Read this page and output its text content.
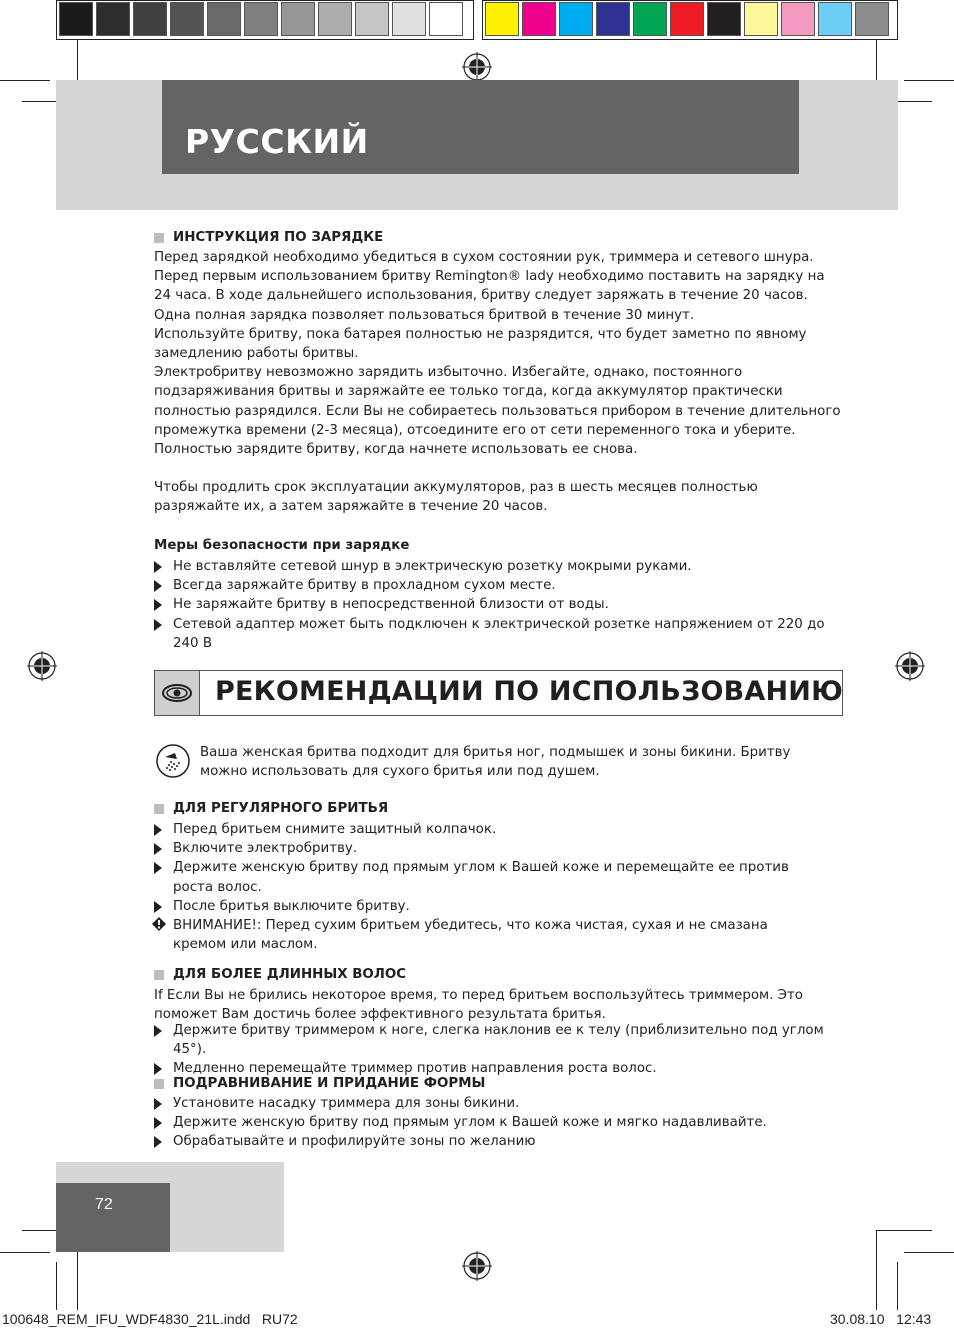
РУССКИЙ
ИНСТРУКЦИЯ ПО ЗАРЯДКЕ

Перед зарядкой необходимо убедиться в сухом состоянии рук, триммера и сетевого шнура. Перед первым использованием бритву Remington® lady необходимо поставить на зарядку на 24 часа. В ходе дальнейшего использования, бритву следует заряжать в течение 20 часов. Одна полная зарядка позволяет пользоваться бритвой в течение 30 минут.

Используйте бритву, пока батарея полностью не разрядится, что будет заметно по явному замедлению работы бритвы.

Электробритву невозможно зарядить избыточно. Избегайте, однако, постоянного подзаряживания бритвы и заряжайте ее только тогда, когда аккумулятор практически полностью разрядился. Если Вы не собираетесь пользоваться прибором в течение длительного промежутка времени (2-3 месяца), отсоедините его от сети переменного тока и уберите. Полностью зарядите бритву, когда начнете использовать ее снова.

Чтобы продлить срок эксплуатации аккумуляторов, раз в шесть месяцев полностью разряжайте их, а затем заряжайте в течение 20 часов.

Меры безопасности при зарядке
Не вставляйте сетевой шнур в электрическую розетку мокрыми руками.
Всегда заряжайте бритву в прохладном сухом месте.
Не заряжайте бритву в непосредственной близости от воды.
Сетевой адаптер может быть подключен к электрической розетке напряжением от 220 до 240 В
РЕКОМЕНДАЦИИ ПО ИСПОЛЬЗОВАНИЮ
Ваша женская бритва подходит для бритья ног, подмышек и зоны бикини. Бритву можно использовать для сухого бритья или под душем.
ДЛЯ РЕГУЛЯРНОГО БРИТЬЯ
Перед бритьем снимите защитный колпачок.
Включите электробритву.
Держите женскую бритву под прямым углом к Вашей коже и перемещайте ее против роста волос.
После бритья выключите бритву.
ВНИМАНИЕ!: Перед сухим бритьем убедитесь, что кожа чистая, сухая и не смазана кремом или маслом.
ДЛЯ БОЛЕЕ ДЛИННЫХ ВОЛОС
If Если Вы не брились некоторое время, то перед бритьем воспользуйтесь триммером. Это поможет Вам достичь более эффективного результата бритья.
Держите бритву триммером к ноге, слегка наклонив ее к телу (приблизительно под углом 45°).
Медленно перемещайте триммер против направления роста волос.
ПОДРАВНИВАНИЕ И ПРИДАНИЕ ФОРМЫ
Установите насадку триммера для зоны бикини.
Держите женскую бритву под прямым углом к Вашей коже и мягко надавливайте.
Обрабатывайте и профилируйте зоны по желанию
72
100648_REM_IFU_WDF4830_21L.indd   RU72	30.08.10   12:43
